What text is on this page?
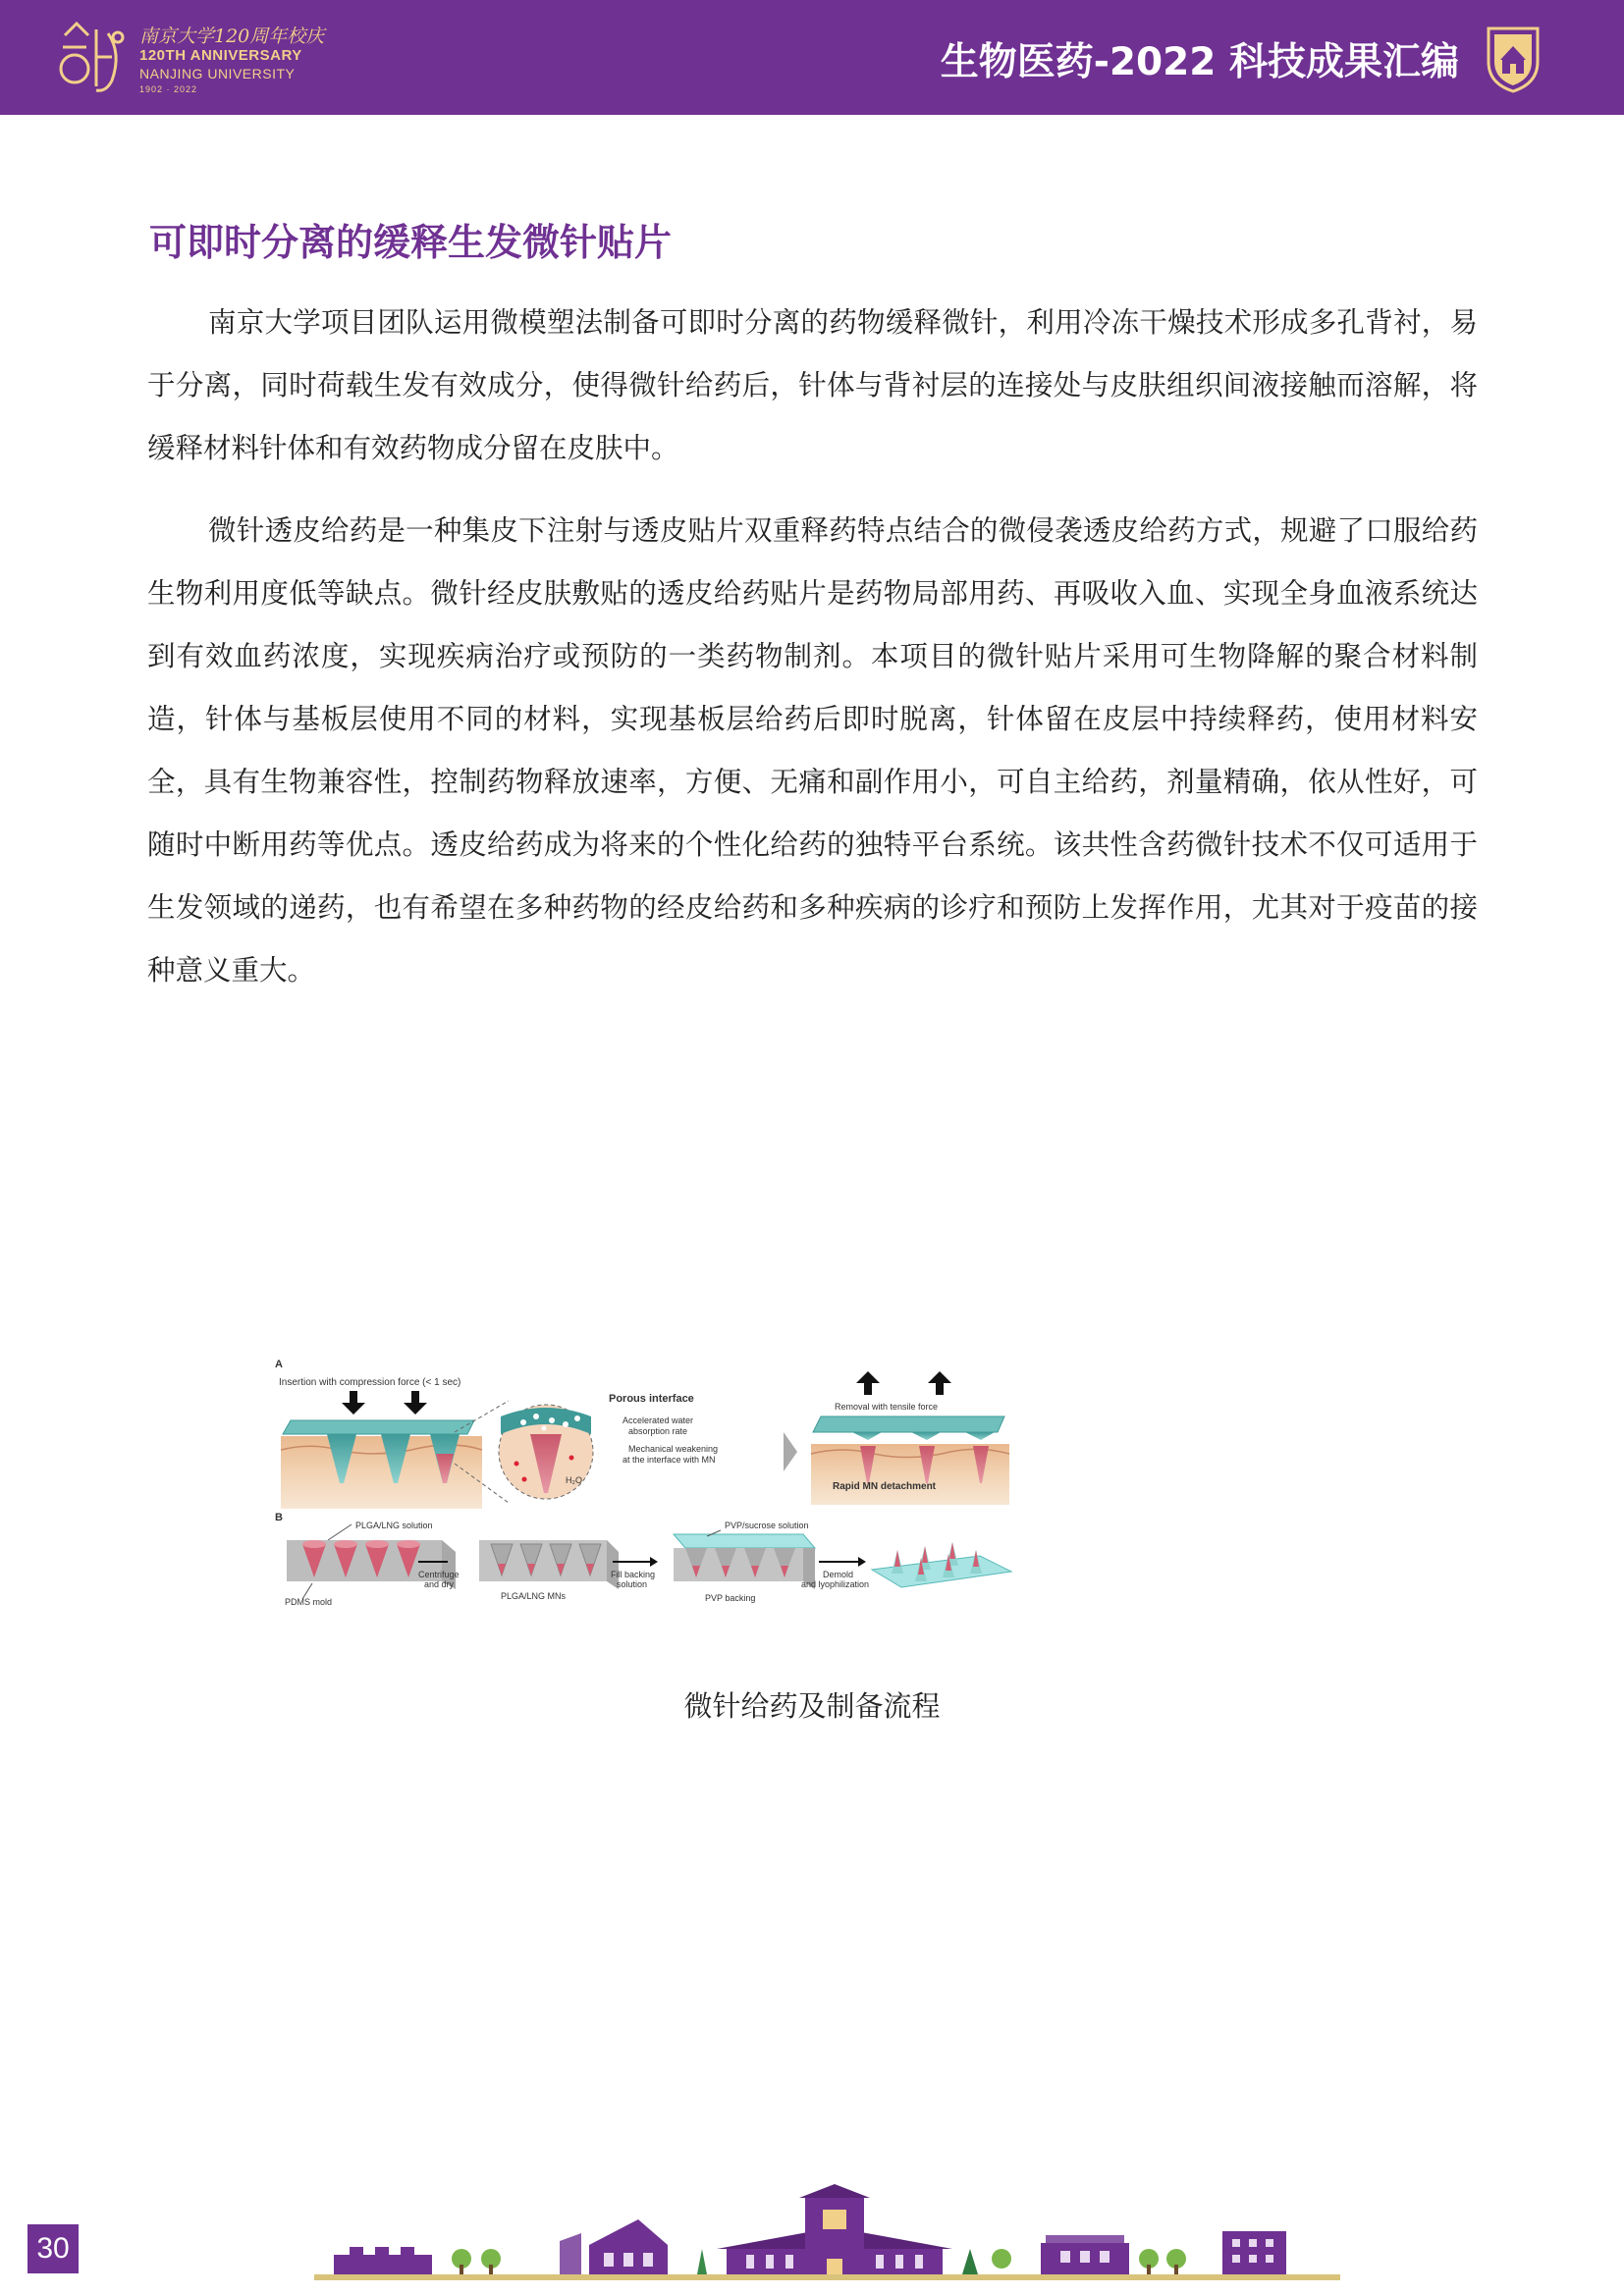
南京大学120周年校庆
120TH ANNIVERSARY
NANJING UNIVERSITY
1902 · 2022
生物医药-2022 科技成果汇编
可即时分离的缓释生发微针贴片

南京大学项目团队运用微模塑法制备可即时分离的药物缓释微针，利用冷冻干燥技术形成多孔背衬，易于分离，同时荷载生发有效成分，使得微针给药后，针体与背衬层的连接处与皮肤组织间液接触而溶解，将缓释材料针体和有效药物成分留在皮肤中。

微针透皮给药是一种集皮下注射与透皮贴片双重释药特点结合的微侵袭透皮给药方式，规避了口服给药生物利用度低等缺点。微针经皮肤敷贴的透皮给药贴片是药物局部用药、再吸收入血、实现全身血液系统达到有效血药浓度，实现疾病治疗或预防的一类药物制剂。本项目的微针贴片采用可生物降解的聚合材料制造，针体与基板层使用不同的材料，实现基板层给药后即时脱离，针体留在皮层中持续释药，使用材料安全，具有生物兼容性，控制药物释放速率，方便、无痛和副作用小，可自主给药，剂量精确，依从性好，可随时中断用药等优点。透皮给药成为将来的个性化给药的独特平台系统。该共性含药微针技术不仅可适用于生发领域的递药，也有希望在多种药物的经皮给药和多种疾病的诊疗和预防上发挥作用，尤其对于疫苗的接种意义重大。

A
Insertion with compression force (< 1 sec)
H₂O
Porous interface
Accelerated water
absorption rate
Mechanical weakening
at the interface with MN
Removal with tensile force
Rapid MN detachment
B
PLGA/LNG solution
PDMS mold
Centrifuge
and dry
PLGA/LNG MNs
Fill backing
solution
PVP/sucrose solution
PVP backing
Demold
and lyophilization
微针给药及制备流程
30
